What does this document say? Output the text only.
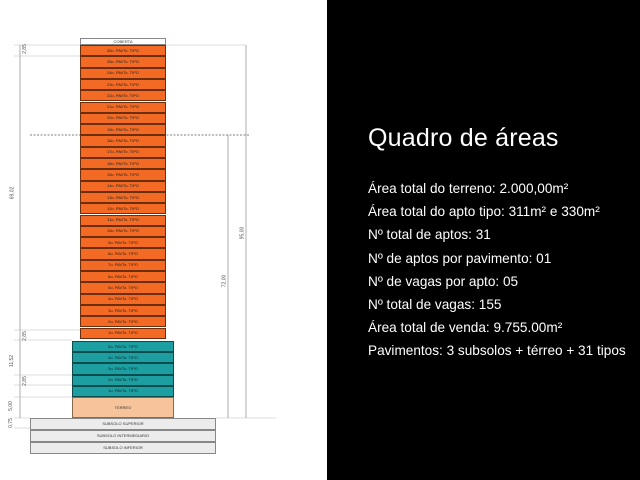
COBERTA
26o. PAVTo. TIPO
25o. PAVTo. TIPO
24o. PAVTo. TIPO
23o. PAVTo. TIPO
22o. PAVTo. TIPO
21o. PAVTo. TIPO
20o. PAVTo. TIPO
19o. PAVTo. TIPO
18o. PAVTo. TIPO
17o. PAVTo. TIPO
16o. PAVTo. TIPO
15o. PAVTo. TIPO
14o. PAVTo. TIPO
13o. PAVTo. TIPO
12o. PAVTo. TIPO
11o. PAVTo. TIPO
10o. PAVTo. TIPO
9o. PAVTo. TIPO
8o. PAVTo. TIPO
7o. PAVTo. TIPO
6o. PAVTo. TIPO
5o. PAVTo. TIPO
4o. PAVTo. TIPO
3o. PAVTo. TIPO
2o. PAVTo. TIPO
1o. PAVTo. TIPO
5o. PAVTo. TIPO
4o. PAVTo. TIPO
3o. PAVTo. TIPO
2o. PAVTo. TIPO
1o. PAVTo. TIPO
TERREO
SUBSOLO SUPERIOR
SUBSOLO INTERMEDIARIO
SUBSOLO INFERIOR
2,85
69,02
2,85
11,52
2,85
5,00
0,75
72,00
95,00
Quadro de áreas
Área total do terreno: 2.000,00m²
Área total do apto tipo: 311m² e 330m²
Nº total de aptos: 31
Nº de aptos por pavimento: 01
Nº de vagas por apto: 05
Nº total de vagas: 155
Área total de venda: 9.755.00m²
Pavimentos: 3 subsolos + térreo + 31 tipos
